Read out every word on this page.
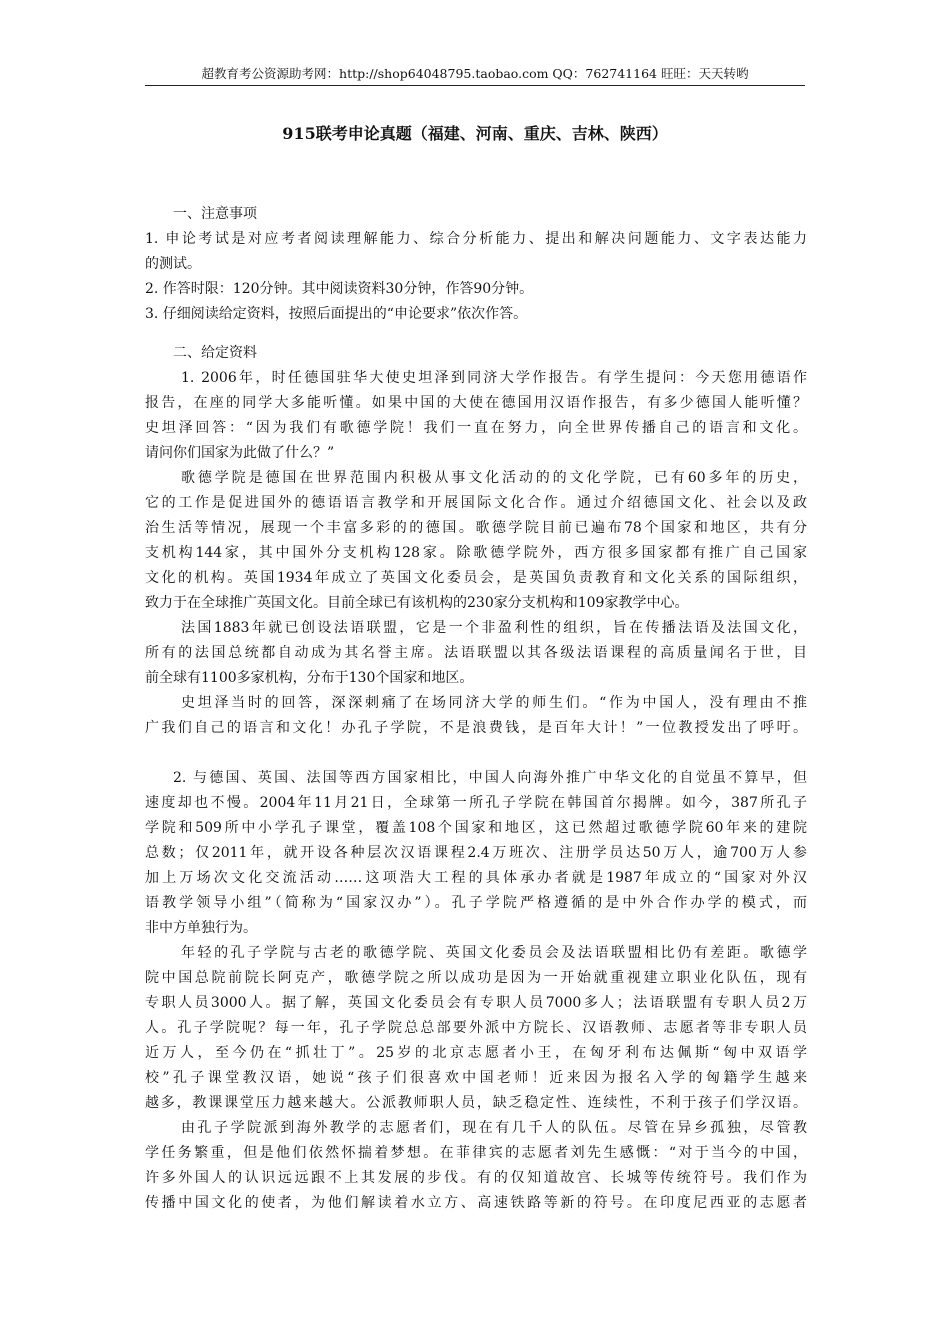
超教育考公资源助考网：http://shop64048795.taobao.com QQ：762741164 旺旺：天天转哟
915联考申论真题（福建、河南、重庆、吉林、陕西）
一、注意事项
1. 申论考试是对应考者阅读理解能力、综合分析能力、提出和解决问题能力、文字表达能力
的测试。
2. 作答时限：120分钟。其中阅读资料30分钟，作答90分钟。
3. 仔细阅读给定资料，按照后面提出的“申论要求”依次作答。
二、给定资料
1. 2006年，时任德国驻华大使史坦泽到同济大学作报告。有学生提问：今天您用德语作
报告，在座的同学大多能听懂。如果中国的大使在德国用汉语作报告，有多少德国人能听懂？
史坦泽回答：“因为我们有歌德学院！我们一直在努力，向全世界传播自己的语言和文化。
请问你们国家为此做了什么？”
歌德学院是德国在世界范围内积极从事文化活动的的文化学院，已有60多年的历史，
它的工作是促进国外的德语语言教学和开展国际文化合作。通过介绍德国文化、社会以及政
治生活等情况，展现一个丰富多彩的的德国。歌德学院目前已遍布78个国家和地区，共有分
支机构144家，其中国外分支机构128家。除歌德学院外，西方很多国家都有推广自己国家
文化的机构。英国1934年成立了英国文化委员会，是英国负责教育和文化关系的国际组织，
致力于在全球推广英国文化。目前全球已有该机构的230家分支机构和109家教学中心。
法国1883年就已创设法语联盟，它是一个非盈利性的组织，旨在传播法语及法国文化，
所有的法国总统都自动成为其名誉主席。法语联盟以其各级法语课程的高质量闻名于世，目
前全球有1100多家机构，分布于130个国家和地区。
史坦泽当时的回答，深深刺痛了在场同济大学的师生们。“作为中国人，没有理由不推
广我们自己的语言和文化！办孔子学院，不是浪费钱，是百年大计！”一位教授发出了呼吁。
2. 与德国、英国、法国等西方国家相比，中国人向海外推广中华文化的自觉虽不算早，但
速度却也不慢。2004年11月21日，全球第一所孔子学院在韩国首尔揭牌。如今，387所孔子
学院和509所中小学孔子课堂，覆盖108个国家和地区，这已然超过歌德学院60年来的建院
总数；仅2011年，就开设各种层次汉语课程2.4万班次、注册学员达50万人，逾700万人参
加上万场次文化交流活动……这项浩大工程的具体承办者就是1987年成立的“国家对外汉
语教学领导小组”（简称为“国家汉办”）。孔子学院严格遵循的是中外合作办学的模式，而
非中方单独行为。
年轻的孔子学院与古老的歌德学院、英国文化委员会及法语联盟相比仍有差距。歌德学
院中国总院前院长阿克产，歌德学院之所以成功是因为一开始就重视建立职业化队伍，现有
专职人员3000人。据了解，英国文化委员会有专职人员7000多人；法语联盟有专职人员2万
人。孔子学院呢？每一年，孔子学院总总部要外派中方院长、汉语教师、志愿者等非专职人员
近万人，至今仍在“抓壮丁”。25岁的北京志愿者小王，在匈牙利布达佩斯“匈中双语学
校”孔子课堂教汉语，她说“孩子们很喜欢中国老师！近来因为报名入学的匈籍学生越来
越多，教课课堂压力越来越大。公派教师职人员，缺乏稳定性、连续性，不利于孩子们学汉语。
由孔子学院派到海外教学的志愿者们，现在有几千人的队伍。尽管在异乡孤独，尽管教
学任务繁重，但是他们依然怀揣着梦想。在菲律宾的志愿者刘先生感慨：“对于当今的中国，
许多外国人的认识远远跟不上其发展的步伐。有的仅知道故宫、长城等传统符号。我们作为
传播中国文化的使者，为他们解读着水立方、高速铁路等新的符号。在印度尼西亚的志愿者
